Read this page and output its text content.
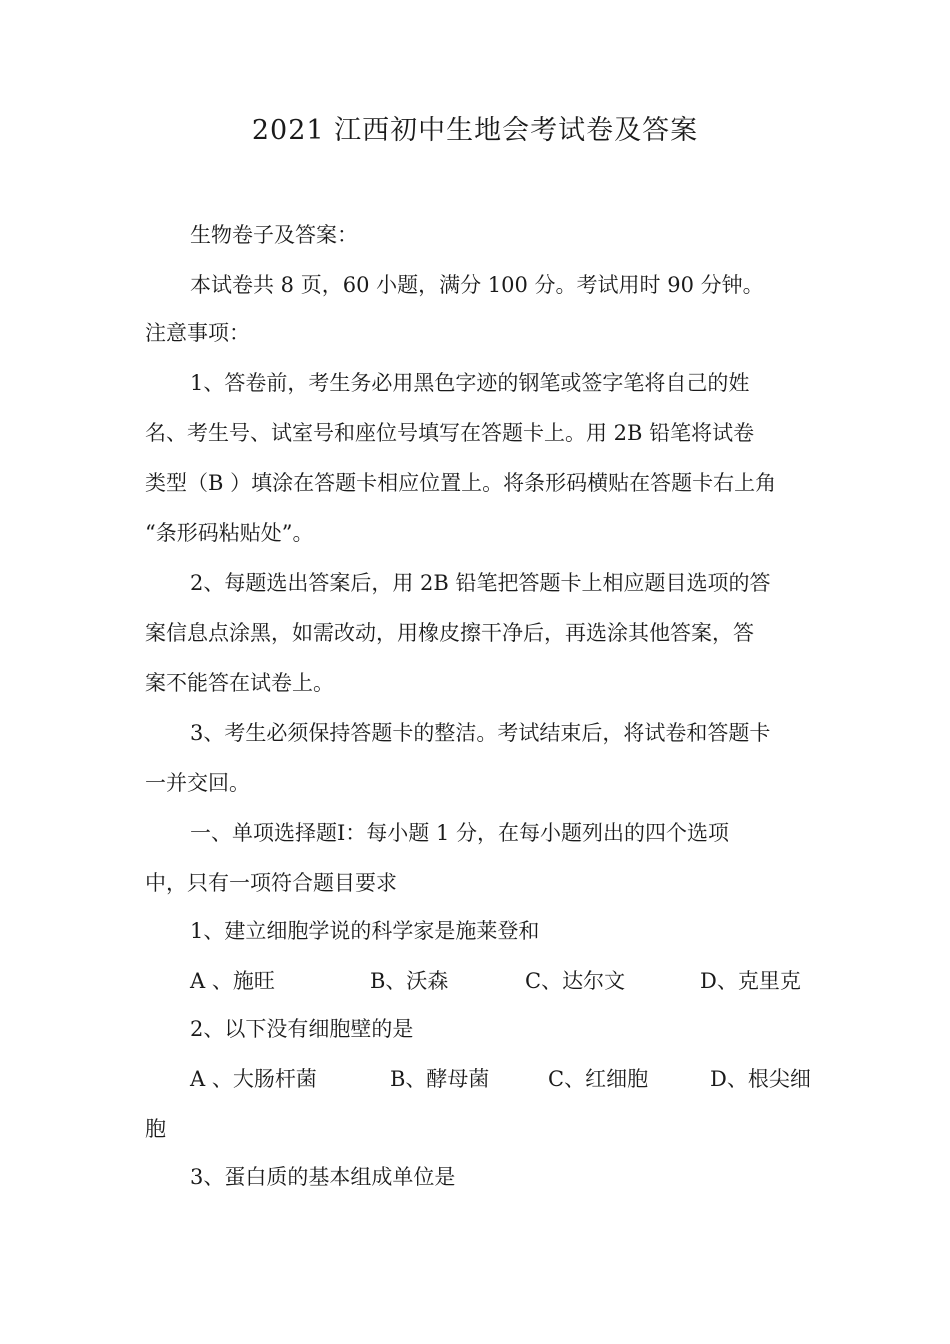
2021 江西初中生地会考试卷及答案

生物卷子及答案：

本试卷共 8 页，60 小题，满分 100 分。考试用时 90 分钟。

注意事项：

1、答卷前，考生务必用黑色字迹的钢笔或签字笔将自己的姓

名、考生号、试室号和座位号填写在答题卡上。用 2B 铅笔将试卷

类型（B ）填涂在答题卡相应位置上。将条形码横贴在答题卡右上角

“条形码粘贴处”。

2、每题选出答案后，用 2B 铅笔把答题卡上相应题目选项的答

案信息点涂黑，如需改动，用橡皮擦干净后，再选涂其他答案，答

案不能答在试卷上。

3、考生必须保持答题卡的整洁。考试结束后，将试卷和答题卡

一并交回。

一、单项选择题Ⅰ：每小题 1 分，在每小题列出的四个选项

中，只有一项符合题目要求

1、建立细胞学说的科学家是施莱登和

A 、施旺	B、沃森	C、达尔文	D、克里克

2、以下没有细胞壁的是

A 、大肠杆菌	B、酵母菌	C、红细胞	D、根尖细

胞

3、蛋白质的基本组成单位是
